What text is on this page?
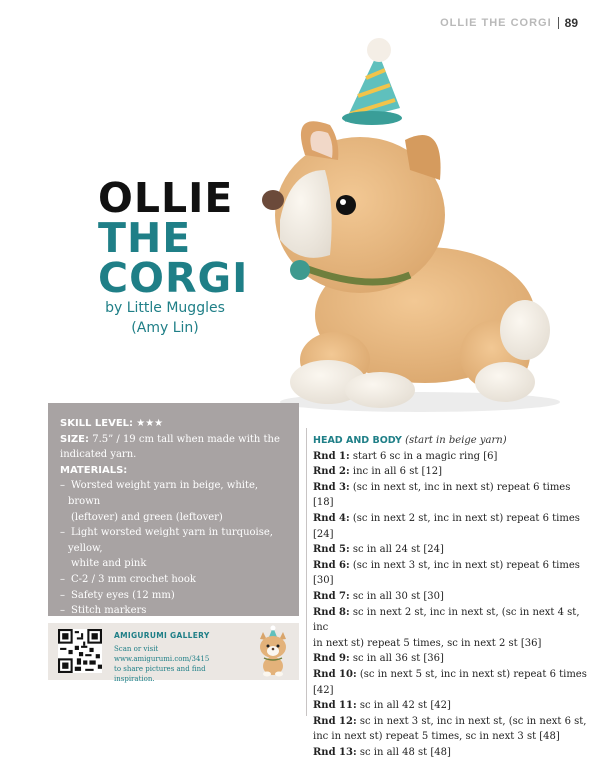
OLLIE THE CORGI 89
OLLIE
THE
CORGI
by Little Muggles
(Amy Lin)
SKILL LEVEL: ★★★
SIZE: 7.5” / 19 cm tall when made with the
indicated yarn.
MATERIALS:
– Worsted weight yarn in beige, white, brown
(leftover) and green (leftover)
– Light worsted weight yarn in turquoise, yellow,
white and pink
– C-2 / 3 mm crochet hook
– Safety eyes (12 mm)
– Stitch markers
AMIGURUMI GALLERY
Scan or visit
www.amigurumi.com/3415
to share pictures and find inspiration.
HEAD AND BODY (start in beige yarn)
Rnd 1: start 6 sc in a magic ring [6]
Rnd 2: inc in all 6 st [12]
Rnd 3: (sc in next st, inc in next st) repeat 6 times [18]
Rnd 4: (sc in next 2 st, inc in next st) repeat 6 times [24]
Rnd 5: sc in all 24 st [24]
Rnd 6: (sc in next 3 st, inc in next st) repeat 6 times [30]
Rnd 7: sc in all 30 st [30]
Rnd 8: sc in next 2 st, inc in next st, (sc in next 4 st, inc
in next st) repeat 5 times, sc in next 2 st [36]
Rnd 9: sc in all 36 st [36]
Rnd 10: (sc in next 5 st, inc in next st) repeat 6 times [42]
Rnd 11: sc in all 42 st [42]
Rnd 12: sc in next 3 st, inc in next st, (sc in next 6 st,
inc in next st) repeat 5 times, sc in next 3 st [48]
Rnd 13: sc in all 48 st [48]
